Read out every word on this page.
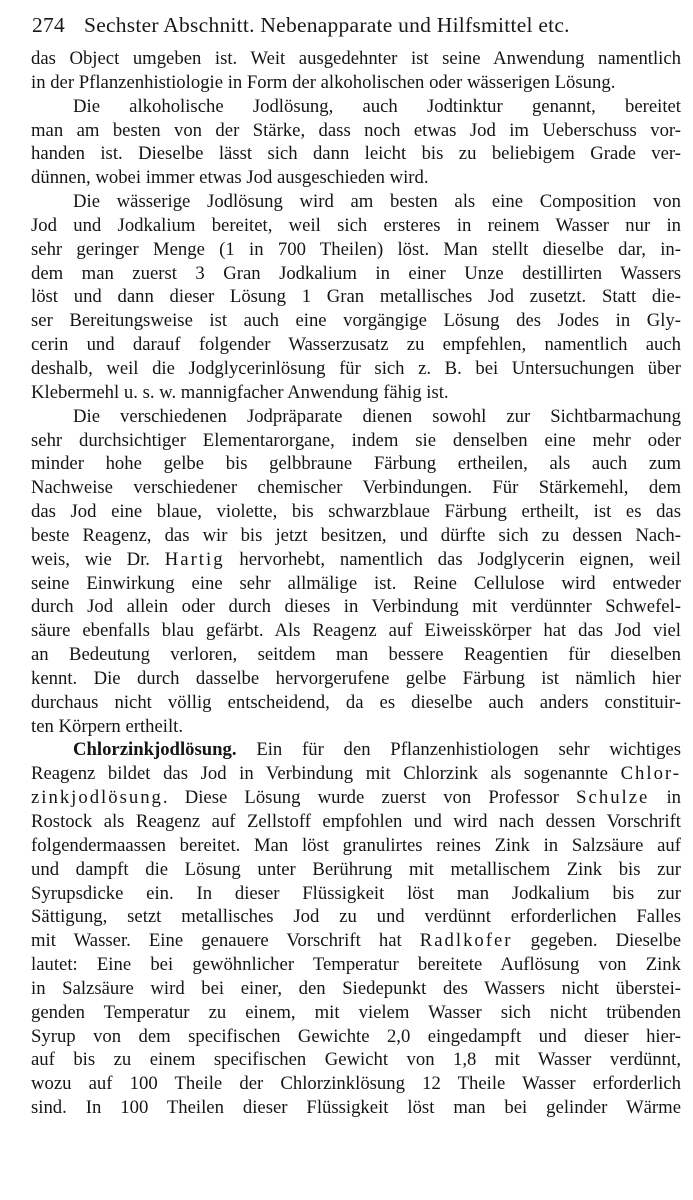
274 Sechster Abschnitt. Nebenapparate und Hilfsmittel etc.
das Object umgeben ist. Weit ausgedehnter ist seine Anwendung namentlich
in der Pflanzenhistiologie in Form der alkoholischen oder wässerigen Lösung.
Die alkoholische Jodlösung, auch Jodtinktur genannt, bereitet
man am besten von der Stärke, dass noch etwas Jod im Ueberschuss vor-
handen ist. Dieselbe lässt sich dann leicht bis zu beliebigem Grade ver-
dünnen, wobei immer etwas Jod ausgeschieden wird.
Die wässerige Jodlösung wird am besten als eine Composition von
Jod und Jodkalium bereitet, weil sich ersteres in reinem Wasser nur in
sehr geringer Menge (1 in 700 Theilen) löst. Man stellt dieselbe dar, in-
dem man zuerst 3 Gran Jodkalium in einer Unze destillirten Wassers
löst und dann dieser Lösung 1 Gran metallisches Jod zusetzt. Statt die-
ser Bereitungsweise ist auch eine vorgängige Lösung des Jodes in Gly-
cerin und darauf folgender Wasserzusatz zu empfehlen, namentlich auch
deshalb, weil die Jodglycerinlösung für sich z. B. bei Untersuchungen über
Klebermehl u. s. w. mannigfacher Anwendung fähig ist.
Die verschiedenen Jodpräparate dienen sowohl zur Sichtbarmachung
sehr durchsichtiger Elementarorgane, indem sie denselben eine mehr oder
minder hohe gelbe bis gelbbraune Färbung ertheilen, als auch zum
Nachweise verschiedener chemischer Verbindungen. Für Stärkemehl, dem
das Jod eine blaue, violette, bis schwarzblaue Färbung ertheilt, ist es das
beste Reagenz, das wir bis jetzt besitzen, und dürfte sich zu dessen Nach-
weis, wie Dr. Hartig hervorhebt, namentlich das Jodglycerin eignen, weil
seine Einwirkung eine sehr allmälige ist. Reine Cellulose wird entweder
durch Jod allein oder durch dieses in Verbindung mit verdünnter Schwefel-
säure ebenfalls blau gefärbt. Als Reagenz auf Eiweisskörper hat das Jod viel
an Bedeutung verloren, seitdem man bessere Reagentien für dieselben
kennt. Die durch dasselbe hervorgerufene gelbe Färbung ist nämlich hier
durchaus nicht völlig entscheidend, da es dieselbe auch anders constituir-
ten Körpern ertheilt.
Chlorzinkjodlösung. Ein für den Pflanzenhistiologen sehr wichtiges
Reagenz bildet das Jod in Verbindung mit Chlorzink als sogenannte Chlor-
zinkjodlösung. Diese Lösung wurde zuerst von Professor Schulze in
Rostock als Reagenz auf Zellstoff empfohlen und wird nach dessen Vorschrift
folgendermaassen bereitet. Man löst granulirtes reines Zink in Salzsäure auf
und dampft die Lösung unter Berührung mit metallischem Zink bis zur
Syrupsdicke ein. In dieser Flüssigkeit löst man Jodkalium bis zur
Sättigung, setzt metallisches Jod zu und verdünnt erforderlichen Falles
mit Wasser. Eine genauere Vorschrift hat Radlkofer gegeben. Dieselbe
lautet: Eine bei gewöhnlicher Temperatur bereitete Auflösung von Zink
in Salzsäure wird bei einer, den Siedepunkt des Wassers nicht überstei-
genden Temperatur zu einem, mit vielem Wasser sich nicht trübenden
Syrup von dem specifischen Gewichte 2,0 eingedampft und dieser hier-
auf bis zu einem specifischen Gewicht von 1,8 mit Wasser verdünnt,
wozu auf 100 Theile der Chlorzinklösung 12 Theile Wasser erforderlich
sind. In 100 Theilen dieser Flüssigkeit löst man bei gelinder Wärme
